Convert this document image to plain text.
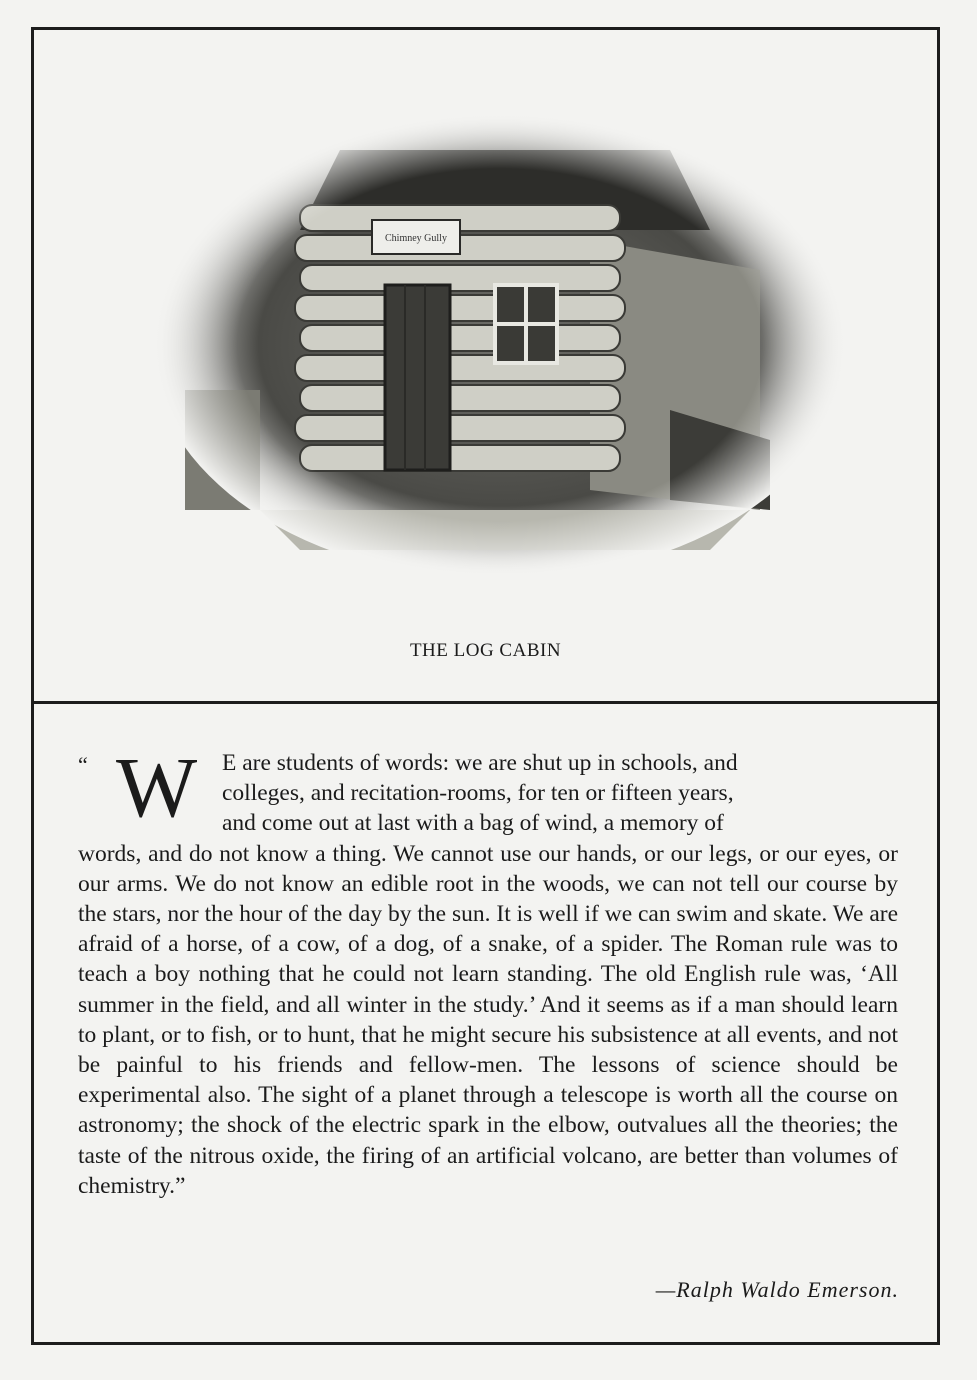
THE LOG CABIN
“ W	E are students of words: we are shut up in schools, and
colleges, and recitation-rooms, for ten or fifteen years,
and come out at last with a bag of wind, a memory of

words, and do not know a thing. We cannot use our hands, or our legs, or our eyes, or our arms. We do not know an edible root in the woods, we can not tell our course by the stars, nor the hour of the day by the sun. It is well if we can swim and skate. We are afraid of a horse, of a cow, of a dog, of a snake, of a spider. The Roman rule was to teach a boy nothing that he could not learn standing. The old English rule was, ‘All summer in the field, and all winter in the study.’ And it seems as if a man should learn to plant, or to fish, or to hunt, that he might secure his subsistence at all events, and not be painful to his friends and fellow-men. The lessons of science should be experimental also. The sight of a planet through a telescope is worth all the course on astronomy; the shock of the electric spark in the elbow, outvalues all the theories; the taste of the nitrous oxide, the firing of an artificial volcano, are better than volumes of chemistry.”

—Ralph Waldo Emerson.
